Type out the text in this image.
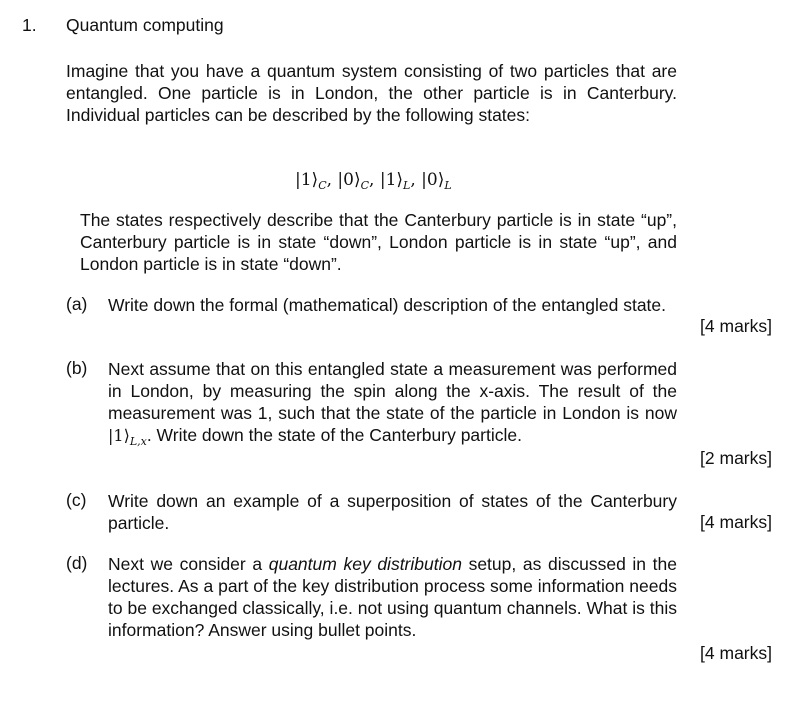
1. Quantum computing
Imagine that you have a quantum system consisting of two particles that are entangled. One particle is in London, the other particle is in Canterbury. Individual particles can be described by the following states:
$|1⟩_C$, $|0⟩_C$, $|1⟩_L$, $|0⟩_L$
The states respectively describe that the Canterbury particle is in state “up”, Canterbury particle is in state “down”, London particle is in state “up”, and London particle is in state “down”.
(a) Write down the formal (mathematical) description of the entangled state.
[4 marks]
(b) Next assume that on this entangled state a measurement was performed in London, by measuring the spin along the x-axis. The result of the measurement was 1, such that the state of the particle in London is now $|1⟩_{L,x}$. Write down the state of the Canterbury particle.
[2 marks]
(c) Write down an example of a superposition of states of the Canterbury particle.	[4 marks]
(d) Next we consider a quantum key distribution setup, as discussed in the lectures. As a part of the key distribution process some information needs to be exchanged classically, i.e. not using quantum channels. What is this information? Answer using bullet points.
[4 marks]
